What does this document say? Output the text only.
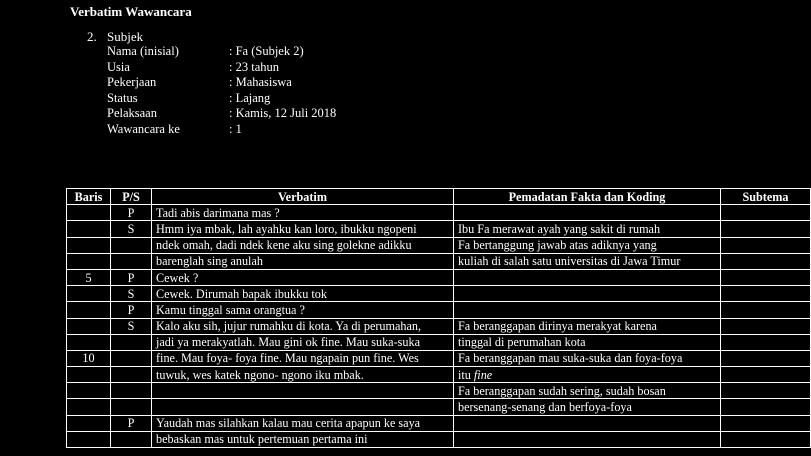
Verbatim Wawancara
2. Subjek
Nama (inisial)	: Fa (Subjek 2)
Usia	: 23 tahun
Pekerjaan	: Mahasiswa
Status	: Lajang
Pelaksaan	: Kamis, 12 Juli 2018
Wawancara ke	: 1
Baris	P/S	Verbatim	Pemadatan Fakta dan Koding	Subtema
	P	Tadi abis darimana mas ?		
	S	Hmm iya mbak, lah ayahku kan loro, ibukku ngopeni	Ibu Fa merawat ayah yang sakit di rumah	
		ndek omah, dadi ndek kene aku sing golekne adikku	Fa bertanggung jawab atas adiknya yang	
		barenglah sing anulah	kuliah di salah satu universitas di Jawa Timur	
5	P	Cewek ?		
	S	Cewek. Dirumah bapak ibukku tok		
	P	Kamu tinggal sama orangtua ?		
	S	Kalo aku sih, jujur rumahku di kota. Ya di perumahan,	Fa beranggapan dirinya merakyat karena	
		jadi ya merakyatlah. Mau gini ok fine. Mau suka-suka	tinggal di perumahan kota	
10		fine. Mau foya- foya fine. Mau ngapain pun fine. Wes	Fa beranggapan mau suka-suka dan foya-foya	
		tuwuk, wes katek ngono- ngono iku mbak.	itu fine	
			Fa beranggapan sudah sering, sudah bosan	
			bersenang-senang dan berfoya-foya	
	P	Yaudah mas silahkan kalau mau cerita apapun ke saya		
		bebaskan mas untuk pertemuan pertama ini		
